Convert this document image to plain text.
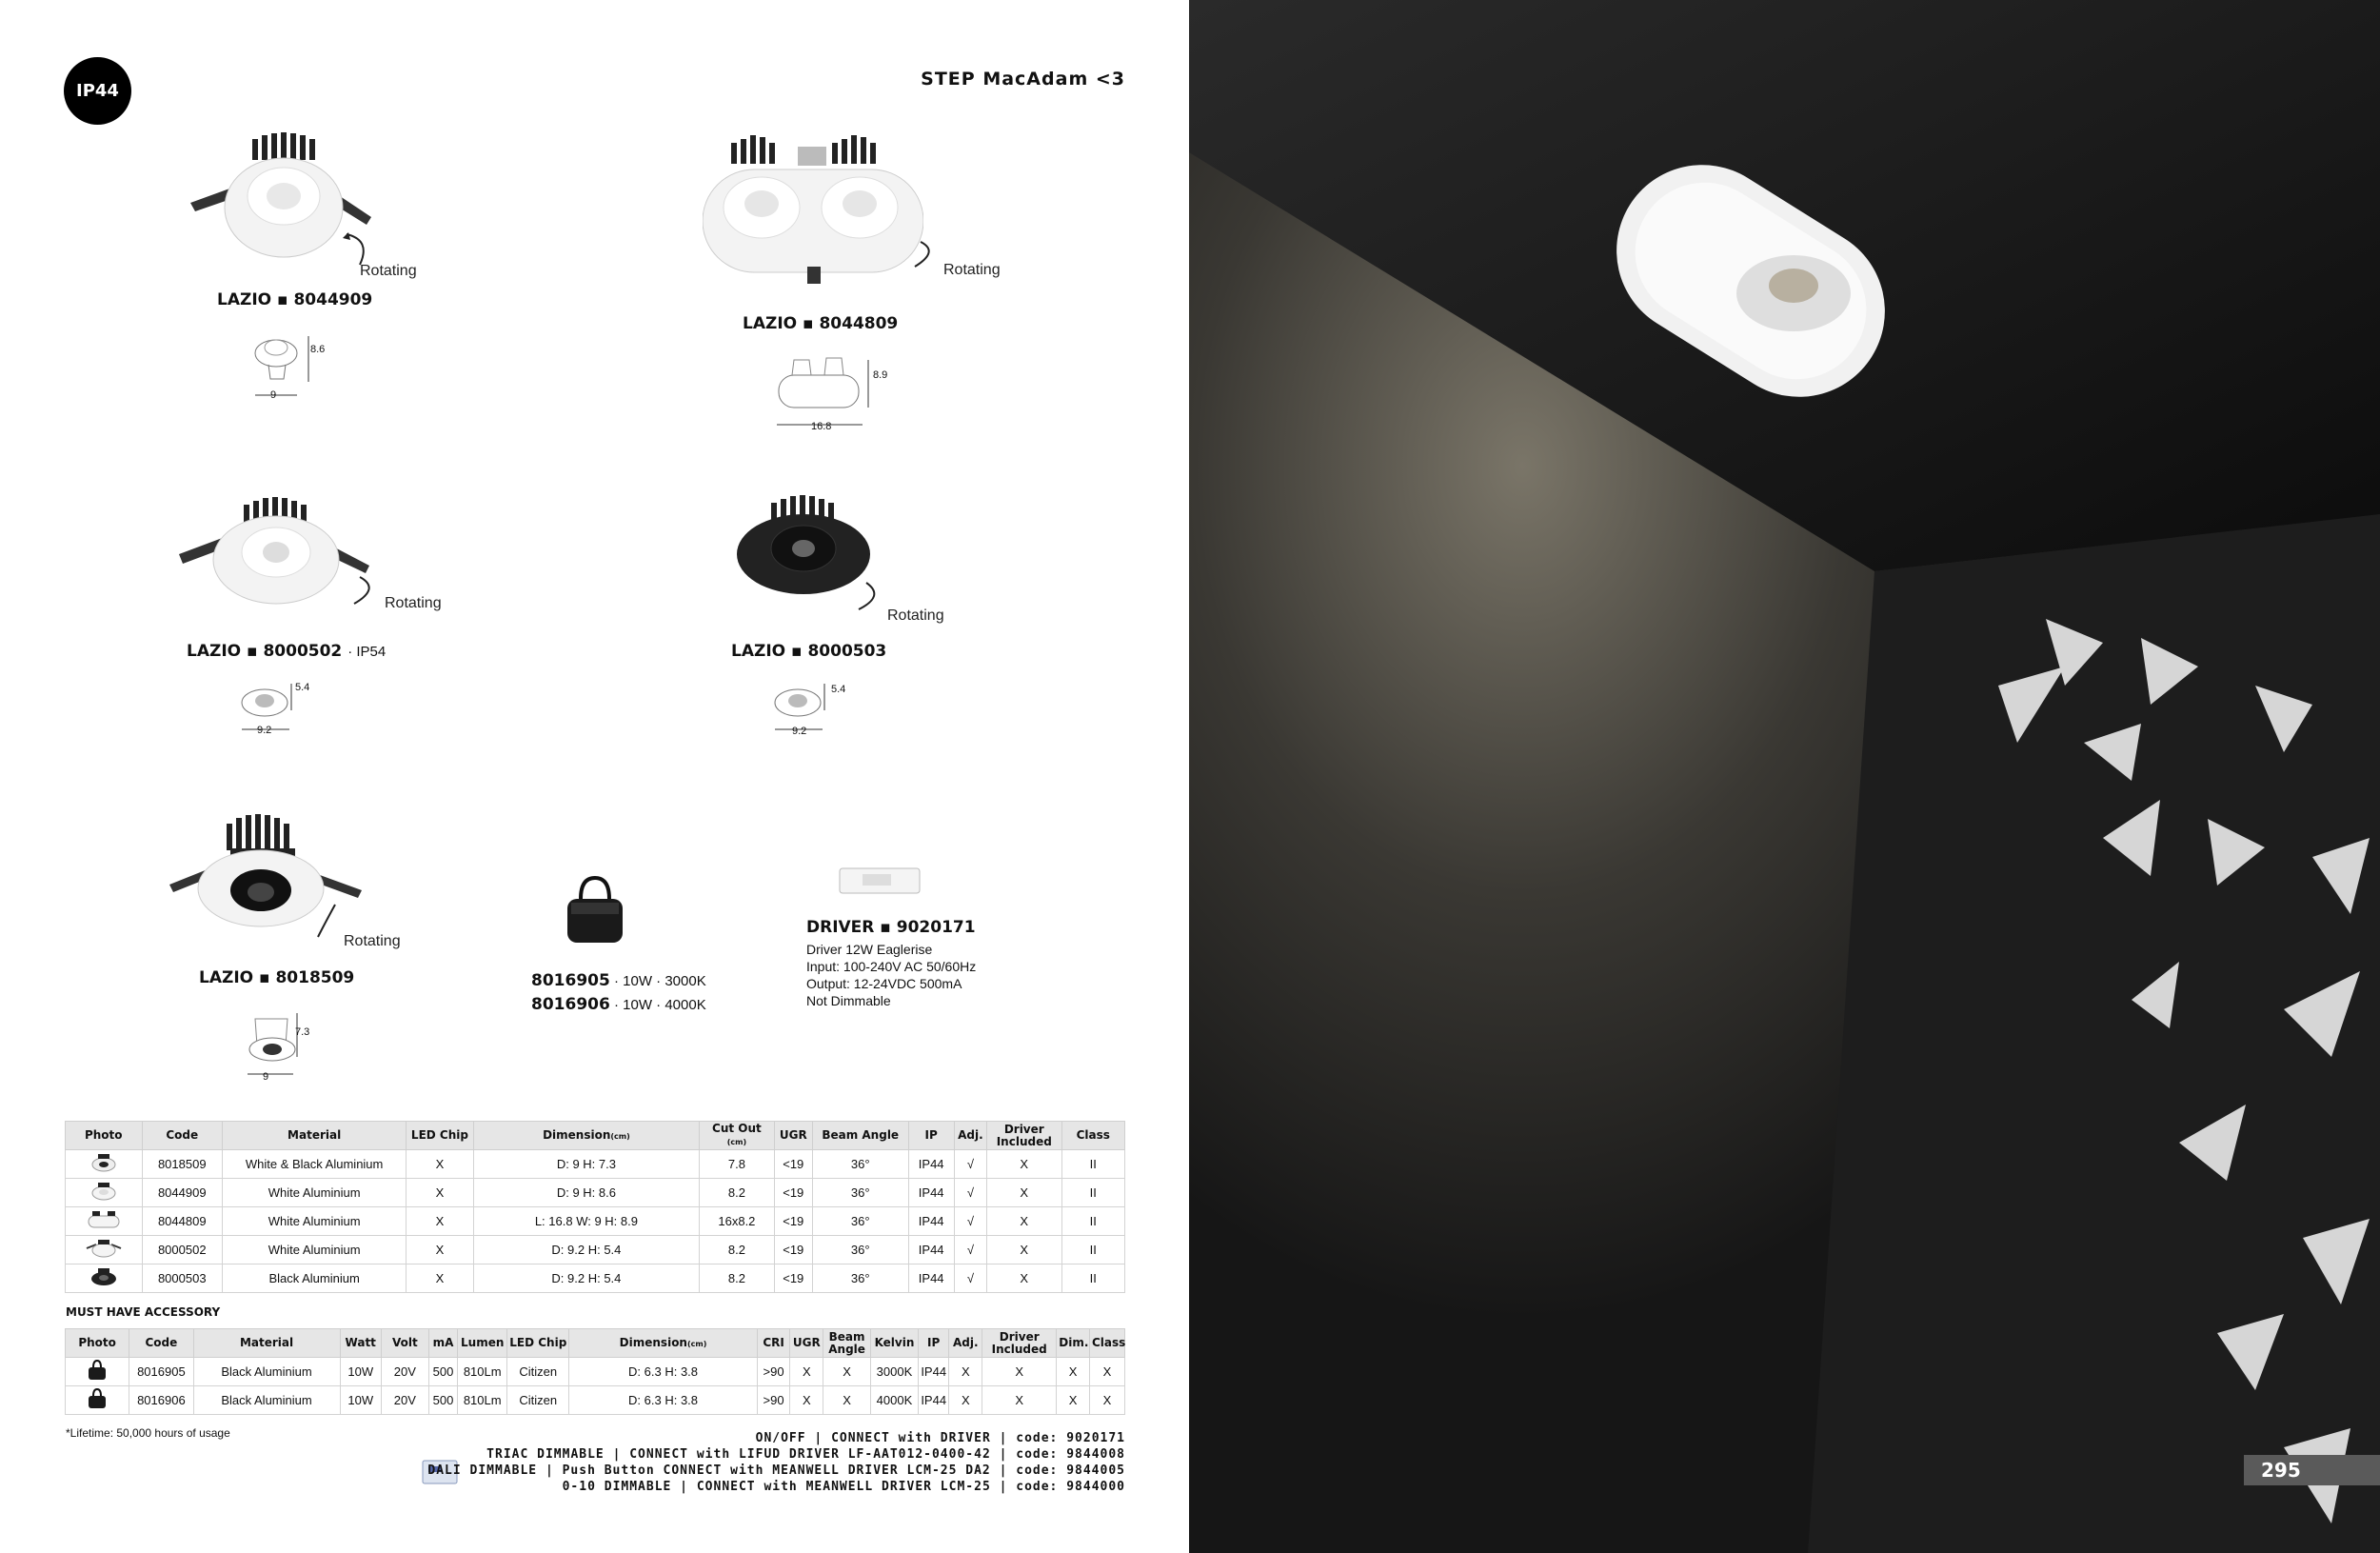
IP44
STEP MacAdam <3
Rotating
LAZIO ▪ 8044909
8.6
9
Rotating
LAZIO ▪ 8044809
8.9
16.8
Rotating
LAZIO ▪ 8000502 · IP54
5.4
9.2
Rotating
LAZIO ▪ 8000503
5.4
9.2
Rotating
LAZIO ▪ 8018509
7.3
9
8016905 · 10W · 3000K
8016906 · 10W · 4000K
DRIVER ▪ 9020171
Driver 12W Eaglerise
Input: 100-240V AC 50/60Hz
Output: 12-24VDC 500mA
Not Dimmable
Photo	Code	Material	LED Chip	Dimension(cm)	Cut Out (cm)	UGR	Beam Angle	IP	Adj.	Driver Included	Class
	8018509	White & Black Aluminium	X	D: 9 H: 7.3	7.8	<19	36°	IP44	√	X	II
	8044909	White Aluminium	X	D: 9 H: 8.6	8.2	<19	36°	IP44	√	X	II
	8044809	White Aluminium	X	L: 16.8 W: 9 H: 8.9	16x8.2	<19	36°	IP44	√	X	II
	8000502	White Aluminium	X	D: 9.2 H: 5.4	8.2	<19	36°	IP44	√	X	II
	8000503	Black Aluminium	X	D: 9.2 H: 5.4	8.2	<19	36°	IP44	√	X	II
MUST HAVE ACCESSORY
Photo	Code	Material	Watt	Volt	mA	Lumen	LED Chip	Dimension(cm)	CRI	UGR	Beam Angle	Kelvin	IP	Adj.	Driver Included	Dim.	Class
	8016905	Black Aluminium	10W	20V	500	810Lm	Citizen	D: 6.3 H: 3.8	>90	X	X	3000K	IP44	X	X	X	X
	8016906	Black Aluminium	10W	20V	500	810Lm	Citizen	D: 6.3 H: 3.8	>90	X	X	4000K	IP44	X	X	X	X
*Lifetime: 50,000 hours of usage	ON/OFF | CONNECT with DRIVER | code: 9020171
TRIAC DIMMABLE | CONNECT with LIFUD DRIVER LF-AAT012-0400-42 | code: 9844008
DALI DIMMABLE | Push Button CONNECT with MEANWELL DRIVER LCM-25 DA2 | code: 9844005
0-10 DIMMABLE | CONNECT with MEANWELL DRIVER LCM-25 | code: 9844000
295
